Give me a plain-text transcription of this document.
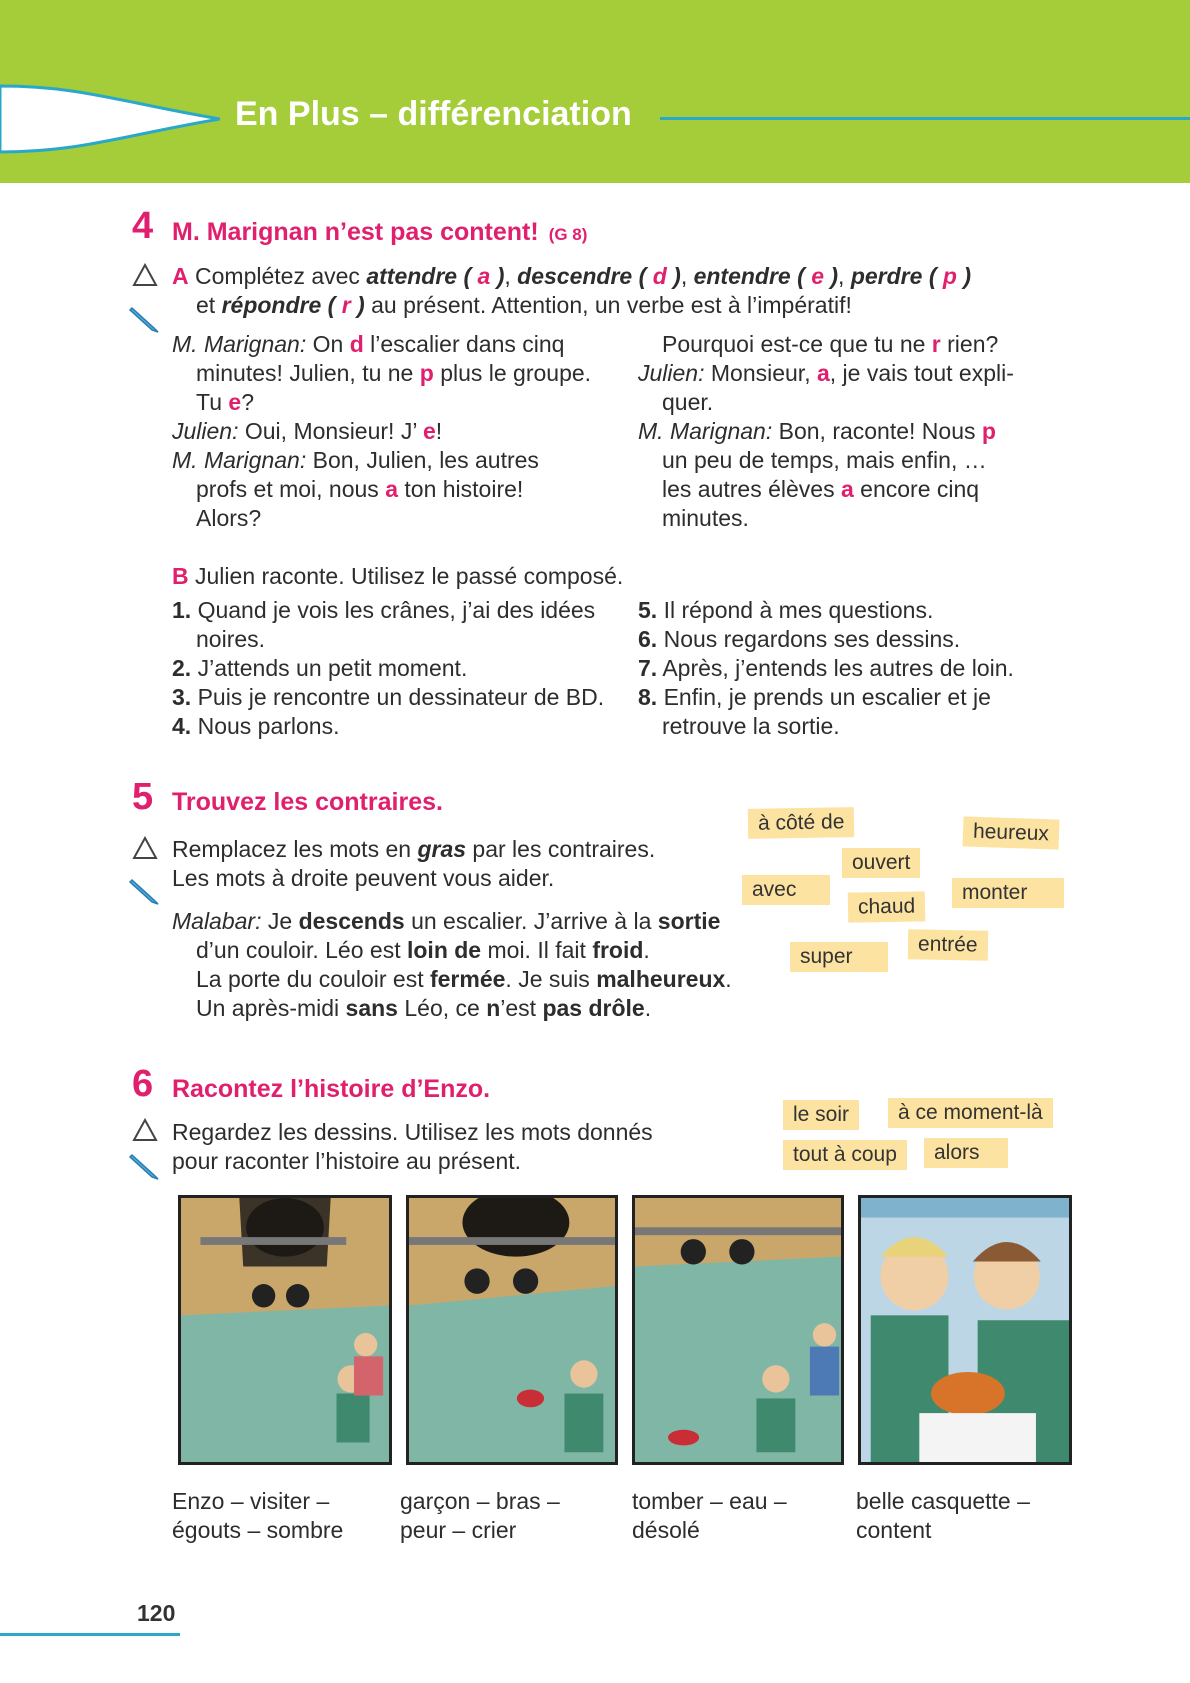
En Plus – différenciation
4 M. Marignan n’est pas content! (G 8)
A Complétez avec attendre ( a ), descendre ( d ), entendre ( e ), perdre ( p )
et répondre ( r ) au présent. Attention, un verbe est à l’impératif!
M. Marignan: On d l’escalier dans cinq
minutes! Julien, tu ne p plus le groupe.
Tu e?
Julien: Oui, Monsieur! J’ e!
M. Marignan: Bon, Julien, les autres
profs et moi, nous a ton histoire!
Alors?
Pourquoi est-ce que tu ne r rien?
Julien: Monsieur, a, je vais tout expli-
quer.
M. Marignan: Bon, raconte! Nous p
un peu de temps, mais enfin, …
les autres élèves a encore cinq
minutes.
B Julien raconte. Utilisez le passé composé.
1. Quand je vois les crânes, j’ai des idées
noires.
2. J’attends un petit moment.
3. Puis je rencontre un dessinateur de BD.
4. Nous parlons.
5. Il répond à mes questions.
6. Nous regardons ses dessins.
7. Après, j’entends les autres de loin.
8. Enfin, je prends un escalier et je
retrouve la sortie.
5 Trouvez les contraires.
Remplacez les mots en gras par les contraires.
Les mots à droite peuvent vous aider.
Malabar: Je descends un escalier. J’arrive à la sortie
d’un couloir. Léo est loin de moi. Il fait froid.
La porte du couloir est fermée. Je suis malheureux.
Un après-midi sans Léo, ce n’est pas drôle.
à côté de	heureux
ouvert
avec
chaud
monter
super	entrée
6 Racontez l’histoire d’Enzo.
Regardez les dessins. Utilisez les mots donnés
pour raconter l’histoire au présent.
le soir	à ce moment-là
tout à coup	alors
Enzo – visiter –
égouts – sombre
garçon – bras –
peur – crier
tomber – eau –
désolé
belle casquette –
content
120
